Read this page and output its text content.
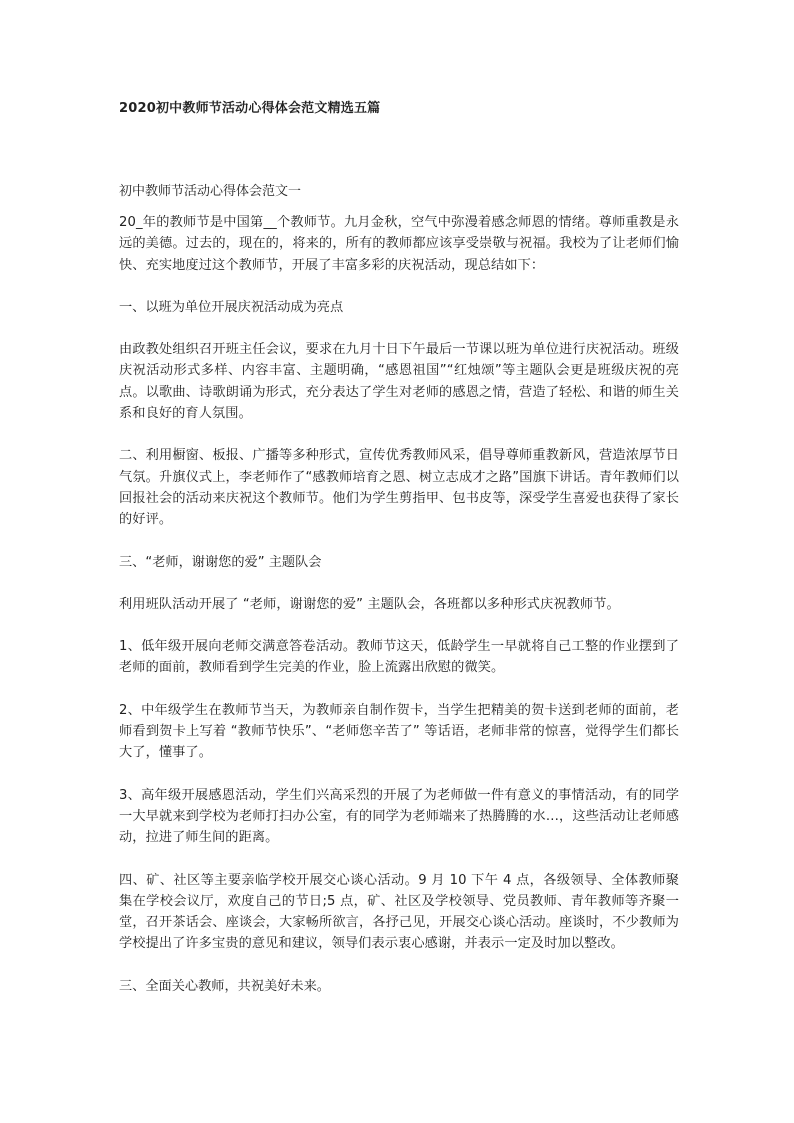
2020初中教师节活动心得体会范文精选五篇
初中教师节活动心得体会范文一

20_年的教师节是中国第__个教师节。九月金秋，空气中弥漫着感念师恩的情绪。尊师重教是永远的美德。过去的，现在的，将来的，所有的教师都应该享受崇敬与祝福。我校为了让老师们愉快、充实地度过这个教师节，开展了丰富多彩的庆祝活动，现总结如下：

一、以班为单位开展庆祝活动成为亮点

由政教处组织召开班主任会议，要求在九月十日下午最后一节课以班为单位进行庆祝活动。班级庆祝活动形式多样、内容丰富、主题明确，“感恩祖国”“红烛颂”等主题队会更是班级庆祝的亮点。以歌曲、诗歌朗诵为形式，充分表达了学生对老师的感恩之情，营造了轻松、和谐的师生关系和良好的育人氛围。

二、利用橱窗、板报、广播等多种形式，宣传优秀教师风采，倡导尊师重教新风，营造浓厚节日气氛。升旗仪式上，李老师作了“感教师培育之恩、树立志成才之路”国旗下讲话。青年教师们以回报社会的活动来庆祝这个教师节。他们为学生剪指甲、包书皮等，深受学生喜爱也获得了家长的好评。

三、“老师，谢谢您的爱” 主题队会

利用班队活动开展了 “老师，谢谢您的爱” 主题队会，各班都以多种形式庆祝教师节。

1、低年级开展向老师交满意答卷活动。教师节这天，低龄学生一早就将自己工整的作业摆到了老师的面前，教师看到学生完美的作业，脸上流露出欣慰的微笑。

2、中年级学生在教师节当天，为教师亲自制作贺卡，当学生把精美的贺卡送到老师的面前，老师看到贺卡上写着 “教师节快乐”、“老师您辛苦了” 等话语，老师非常的惊喜，觉得学生们都长大了，懂事了。

3、高年级开展感恩活动，学生们兴高采烈的开展了为老师做一件有意义的事情活动，有的同学一大早就来到学校为老师打扫办公室，有的同学为老师端来了热腾腾的水…，这些活动让老师感动，拉进了师生间的距离。

四、矿、社区等主要亲临学校开展交心谈心活动。9 月 10 下午 4 点，各级领导、全体教师聚集在学校会议厅，欢度自己的节日;5 点，矿、社区及学校领导、党员教师、青年教师等齐聚一堂，召开茶话会、座谈会，大家畅所欲言，各抒己见，开展交心谈心活动。座谈时，不少教师为学校提出了许多宝贵的意见和建议，领导们表示衷心感谢，并表示一定及时加以整改。

三、全面关心教师，共祝美好未来。
